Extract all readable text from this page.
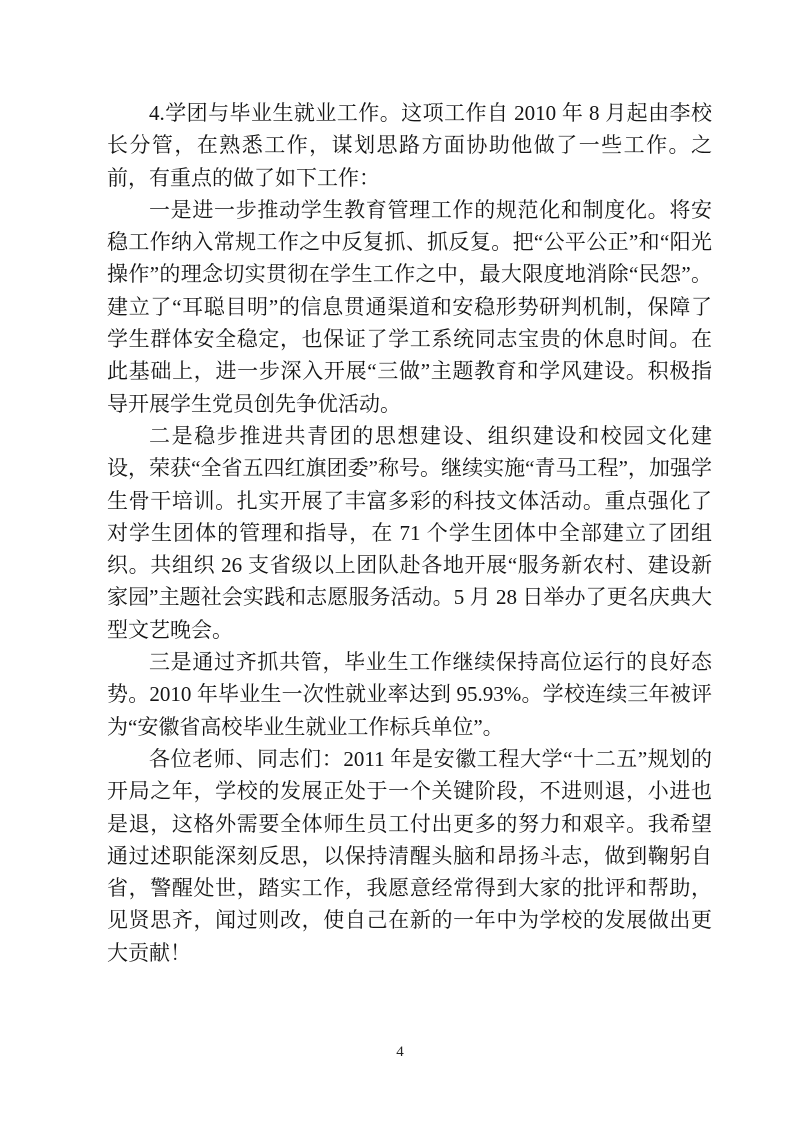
4.学团与毕业生就业工作。这项工作自 2010 年 8 月起由李校长分管，在熟悉工作，谋划思路方面协助他做了一些工作。之前，有重点的做了如下工作：

一是进一步推动学生教育管理工作的规范化和制度化。将安稳工作纳入常规工作之中反复抓、抓反复。把“公平公正”和“阳光操作”的理念切实贯彻在学生工作之中，最大限度地消除“民怨”。建立了“耳聪目明”的信息贯通渠道和安稳形势研判机制，保障了学生群体安全稳定，也保证了学工系统同志宝贵的休息时间。在此基础上，进一步深入开展“三做”主题教育和学风建设。积极指导开展学生党员创先争优活动。

二是稳步推进共青团的思想建设、组织建设和校园文化建设，荣获“全省五四红旗团委”称号。继续实施“青马工程”，加强学生骨干培训。扎实开展了丰富多彩的科技文体活动。重点强化了对学生团体的管理和指导，在 71 个学生团体中全部建立了团组织。共组织 26 支省级以上团队赴各地开展“服务新农村、建设新家园”主题社会实践和志愿服务活动。5 月 28 日举办了更名庆典大型文艺晚会。

三是通过齐抓共管，毕业生工作继续保持高位运行的良好态势。2010 年毕业生一次性就业率达到 95.93%。学校连续三年被评为“安徽省高校毕业生就业工作标兵单位”。

各位老师、同志们：2011 年是安徽工程大学“十二五”规划的开局之年，学校的发展正处于一个关键阶段，不进则退，小进也是退，这格外需要全体师生员工付出更多的努力和艰辛。我希望通过述职能深刻反思，以保持清醒头脑和昂扬斗志，做到鞠躬自省，警醒处世，踏实工作，我愿意经常得到大家的批评和帮助，见贤思齐，闻过则改，使自己在新的一年中为学校的发展做出更大贡献！

4
